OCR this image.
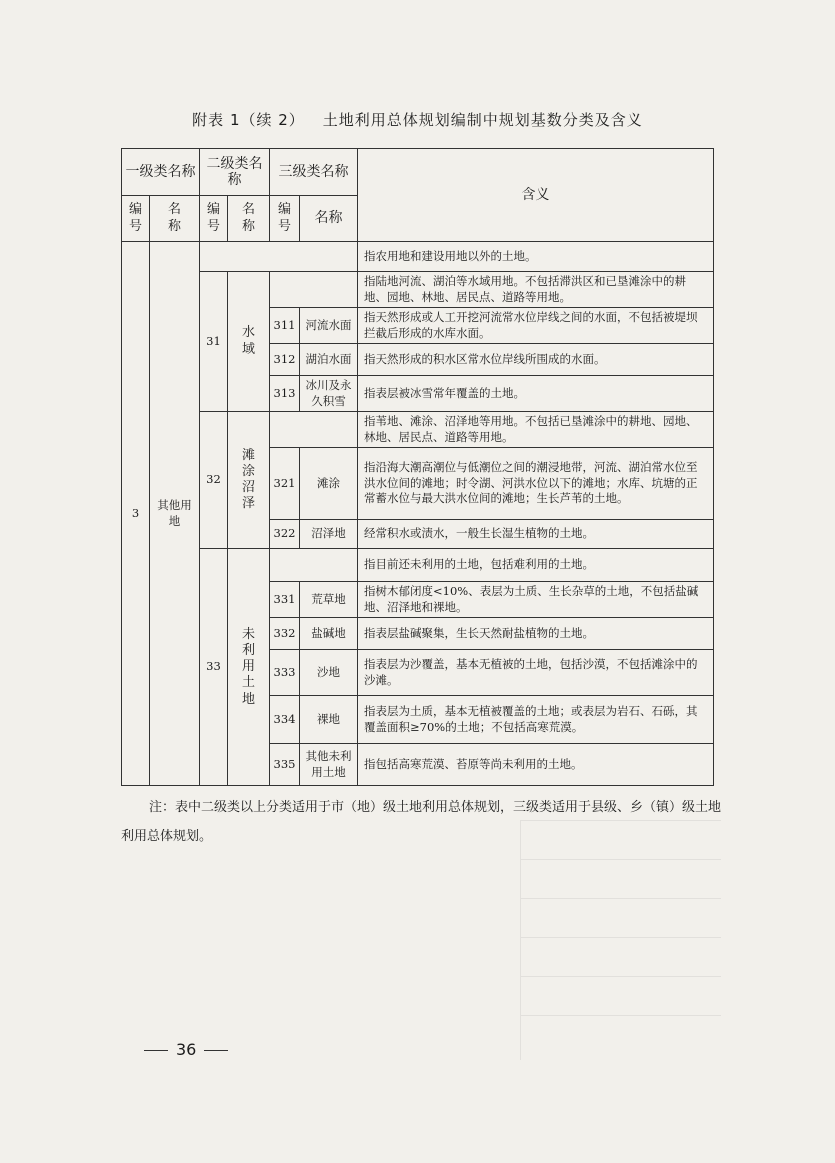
附表 1（续 2） 土地利用总体规划编制中规划基数分类及含义
一级类名称		二级类名称		三级类名称		含义
编号	名称	编号	名称	编号	名称	
3	其他用地					指农用地和建设用地以外的土地。
		31	水域			指陆地河流、湖泊等水域用地。不包括滞洪区和已垦滩涂中的耕地、园地、林地、居民点、道路等用地。
				311	河流水面	指天然形成或人工开挖河流常水位岸线之间的水面，不包括被堤坝拦截后形成的水库水面。
				312	湖泊水面	指天然形成的积水区常水位岸线所围成的水面。
				313	冰川及永久积雪	指表层被冰雪常年覆盖的土地。
		32	滩涂沼泽			指苇地、滩涂、沼泽地等用地。不包括已垦滩涂中的耕地、园地、林地、居民点、道路等用地。
				321	滩涂	指沿海大潮高潮位与低潮位之间的潮浸地带，河流、湖泊常水位至洪水位间的滩地；时令湖、河洪水位以下的滩地；水库、坑塘的正常蓄水位与最大洪水位间的滩地；生长芦苇的土地。
				322	沼泽地	经常积水或渍水，一般生长湿生植物的土地。
		33	未利用土地			指目前还未利用的土地，包括难利用的土地。
				331	荒草地	指树木郁闭度<10%、表层为土质、生长杂草的土地，不包括盐碱地、沼泽地和裸地。
				332	盐碱地	指表层盐碱聚集，生长天然耐盐植物的土地。
				333	沙地	指表层为沙覆盖，基本无植被的土地，包括沙漠，不包括滩涂中的沙滩。
				334	裸地	指表层为土质，基本无植被覆盖的土地；或表层为岩石、石砾，其覆盖面积≥70%的土地；不包括高寒荒漠。
				335	其他未利用土地	指包括高寒荒漠、苔原等尚未利用的土地。
注：表中二级类以上分类适用于市（地）级土地利用总体规划，三级类适用于县级、乡（镇）级土地利用总体规划。
36
